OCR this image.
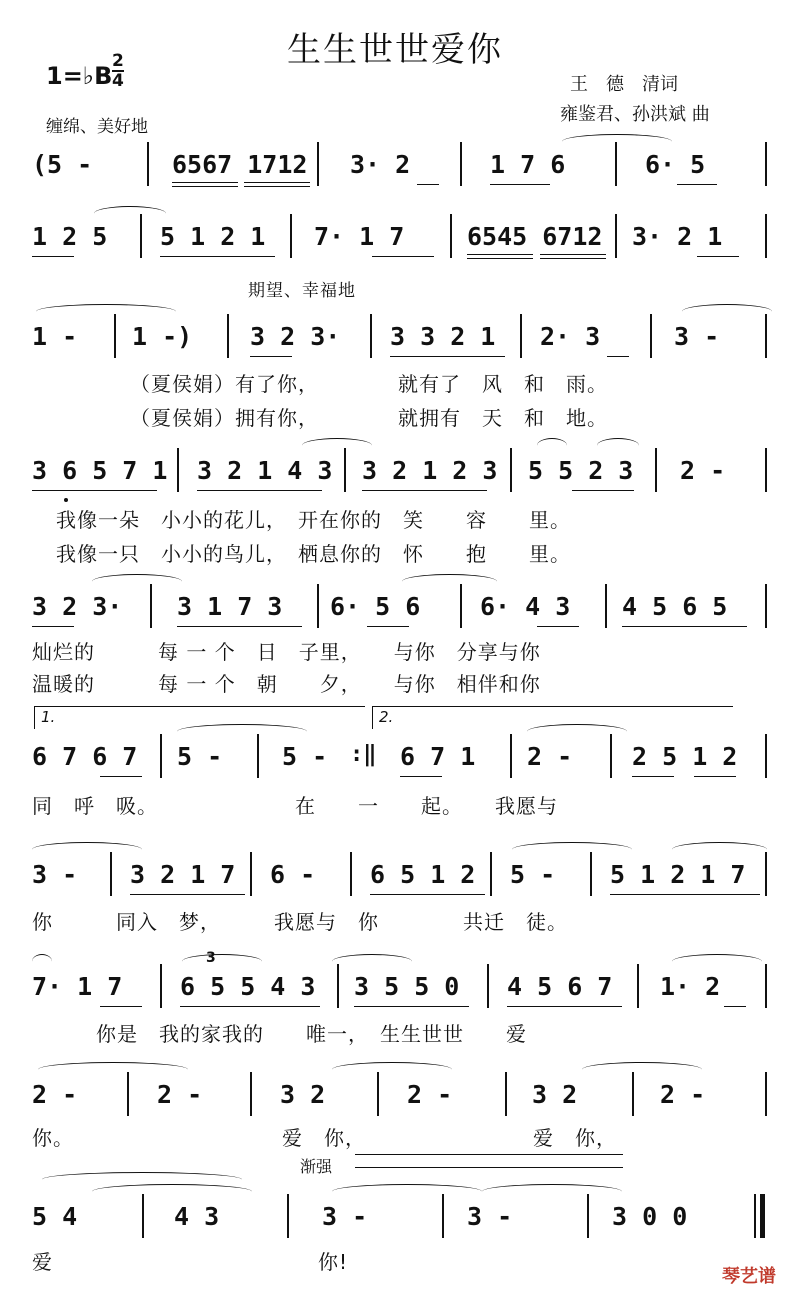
生生世世爱你
1=♭B
2
4
缠绵、美好地
王　德　清词
雍鉴君、孙洪斌 曲
(5 -	6567 1712 3· 2	1 7 6	6· 5
1 2 5 5 1 2 1 7· 1 7	6545 6712 3· 2 1
期望、幸福地
1 - 1 -) 3 2 3· 3 3 2 1 2· 3	3 -
（夏侯娟）有了你，	就有了　风　和　雨。
（夏侯娟）拥有你，	就拥有　天　和　地。
3 6 5 7 1 3 2 1 4 3 3 2 1 2 3 5 5 2 3 2 -
我像一朵　小小的花儿，　开在你的　笑　　容　　里。
我像一只　小小的鸟儿，　栖息你的　怀　　抱　　里。
3 2 3· 3 1 7 3 6· 5 6 6· 4 3 4 5 6 5
灿烂的　　　每 一 个　日　子里，　　与你　分享与你
温暖的　　　每 一 个　朝　　夕，　　与你　相伴和你
1.	2.
6 7 6 7 5 - 5 - :‖ 6 7 1 2 - 2 5 1 2
同　呼　吸。　　　　　　　在　　一　　起。　　我愿与
3 - 3 2 1 7 6 - 6 5 1 2 5 - 5 1 2 1 7
你　　　同入　梦，　　　我愿与　你　　　　共迁　徒。
3
7· 1 7 6 5 5 4 3 3 5 5 0 4 5 6 7 1· 2
你是　我的家我的　　唯一，　生生世世　　爱
2 -	2 -	3 2	2 -	3 2	2 -
你。	爱　你，	爱　你，
渐强
5 4	4 3	3 -	3 -	3 0 0
爱	你!
琴艺谱
